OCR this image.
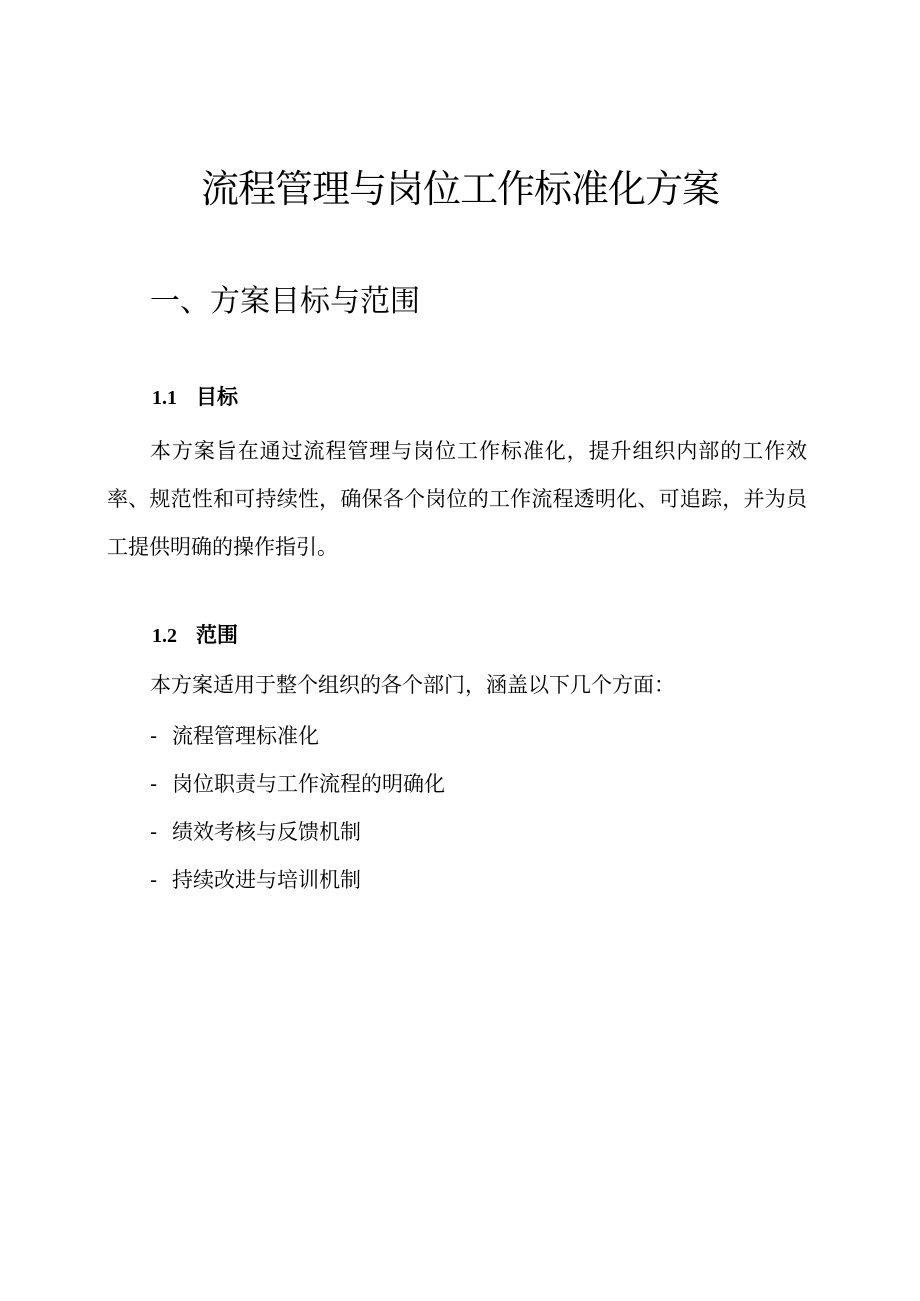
流程管理与岗位工作标准化方案
一、方案目标与范围
1.1 目标

本方案旨在通过流程管理与岗位工作标准化，提升组织内部的工作效率、规范性和可持续性，确保各个岗位的工作流程透明化、可追踪，并为员工提供明确的操作指引。

1.2 范围

本方案适用于整个组织的各个部门，涵盖以下几个方面：

- 流程管理标准化
- 岗位职责与工作流程的明确化
- 绩效考核与反馈机制
- 持续改进与培训机制
